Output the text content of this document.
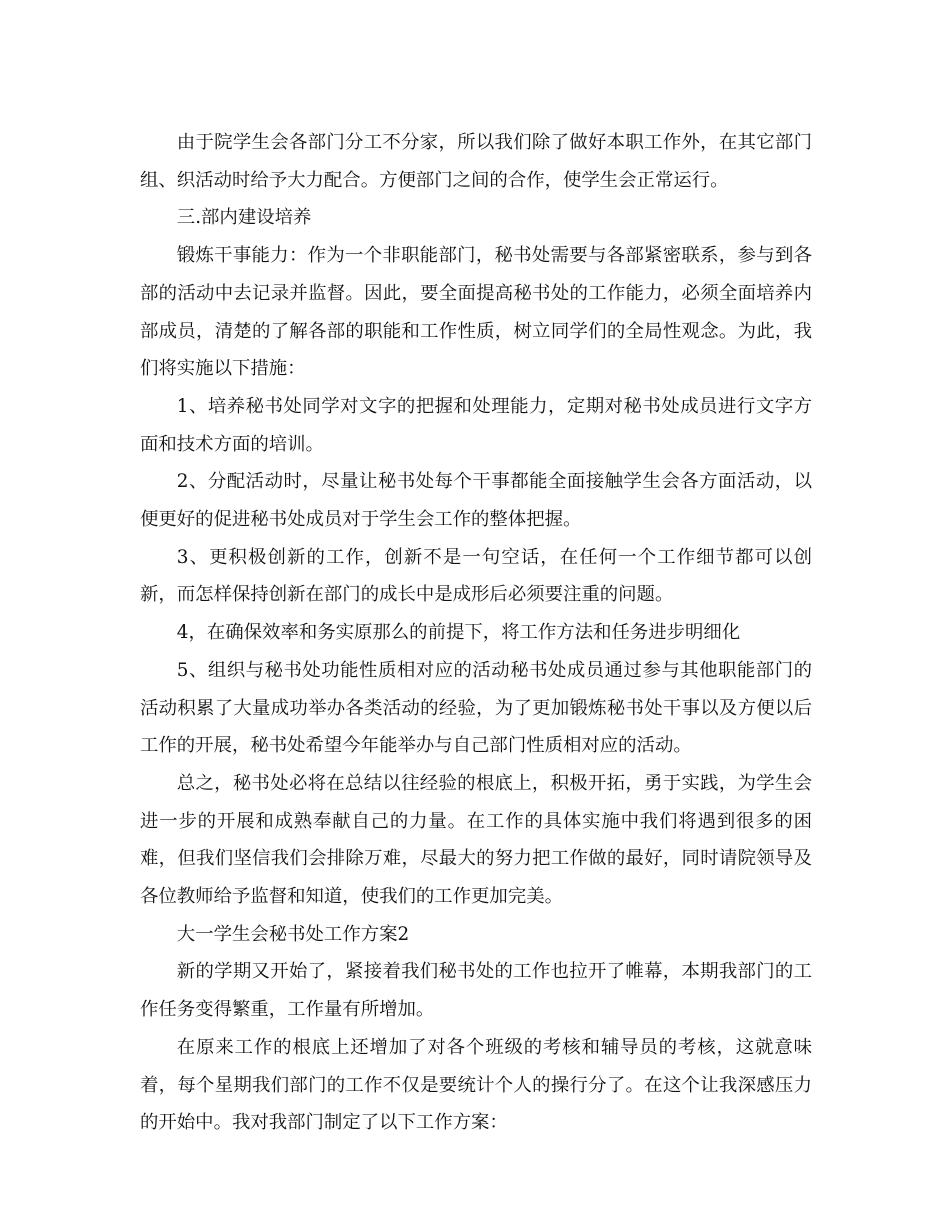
由于院学生会各部门分工不分家，所以我们除了做好本职工作外，在其它部门组、织活动时给予大力配合。方便部门之间的合作，使学生会正常运行。

三.部内建设培养

锻炼干事能力：作为一个非职能部门，秘书处需要与各部紧密联系，参与到各部的活动中去记录并监督。因此，要全面提高秘书处的工作能力，必须全面培养内部成员，清楚的了解各部的职能和工作性质，树立同学们的全局性观念。为此，我们将实施以下措施：

1、培养秘书处同学对文字的把握和处理能力，定期对秘书处成员进行文字方面和技术方面的培训。

2、分配活动时，尽量让秘书处每个干事都能全面接触学生会各方面活动，以便更好的促进秘书处成员对于学生会工作的整体把握。

3、更积极创新的工作，创新不是一句空话，在任何一个工作细节都可以创新，而怎样保持创新在部门的成长中是成形后必须要注重的问题。

4，在确保效率和务实原那么的前提下，将工作方法和任务进步明细化

5、组织与秘书处功能性质相对应的活动秘书处成员通过参与其他职能部门的活动积累了大量成功举办各类活动的经验，为了更加锻炼秘书处干事以及方便以后工作的开展，秘书处希望今年能举办与自己部门性质相对应的活动。

总之，秘书处必将在总结以往经验的根底上，积极开拓，勇于实践，为学生会进一步的开展和成熟奉献自己的力量。在工作的具体实施中我们将遇到很多的困难，但我们坚信我们会排除万难，尽最大的努力把工作做的最好，同时请院领导及各位教师给予监督和知道，使我们的工作更加完美。

大一学生会秘书处工作方案2

新的学期又开始了，紧接着我们秘书处的工作也拉开了帷幕，本期我部门的工作任务变得繁重，工作量有所增加。

在原来工作的根底上还增加了对各个班级的考核和辅导员的考核，这就意味着，每个星期我们部门的工作不仅是要统计个人的操行分了。在这个让我深感压力的开始中。我对我部门制定了以下工作方案：
